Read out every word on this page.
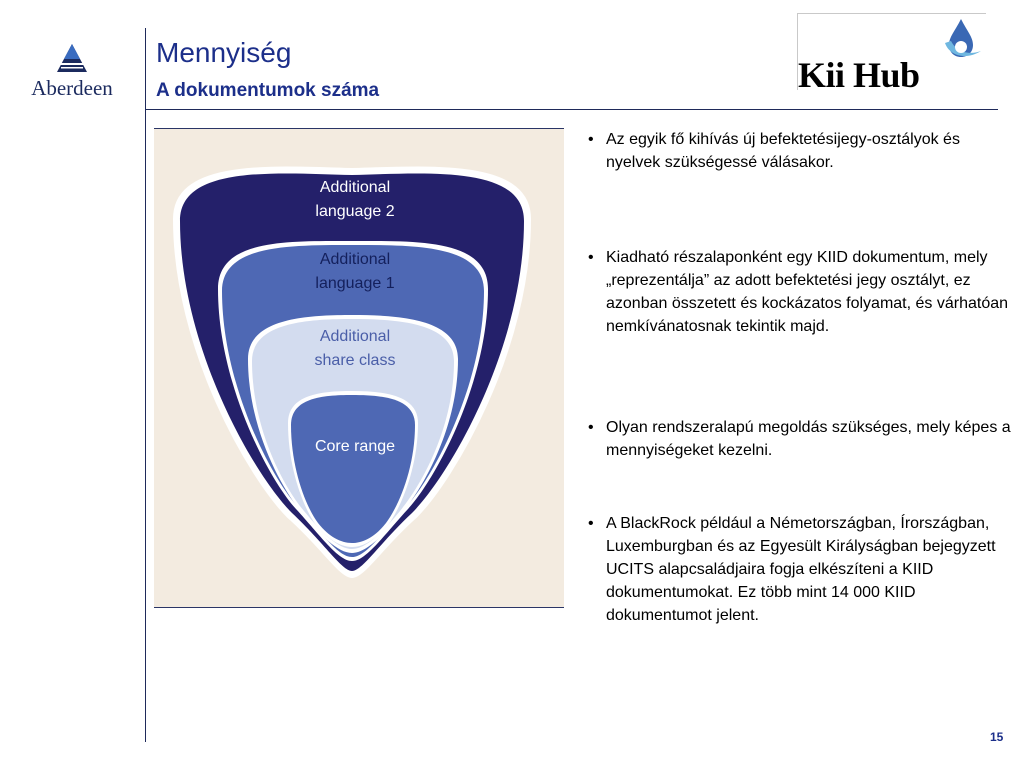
Aberdeen
Mennyiség
A dokumentumok száma	Kii Hub
Additional
language 2
Additional
language 1
Additional
share class
Core range
• Az egyik fő kihívás új befektetésijegy-osztályok és nyelvek szükségessé válásakor.
• Kiadható részalaponként egy KIID dokumentum, mely „reprezentálja” az adott befektetési jegy osztályt, ez azonban összetett és kockázatos folyamat, és várhatóan nemkívánatosnak tekintik majd.
• Olyan rendszeralapú megoldás szükséges, mely képes a mennyiségeket kezelni.
• A BlackRock például a Németországban, Írországban, Luxemburgban és az Egyesült Királyságban bejegyzett UCITS alapcsaládjaira fogja elkészíteni a KIID dokumentumokat. Ez több mint 14 000 KIID dokumentumot jelent.
15
